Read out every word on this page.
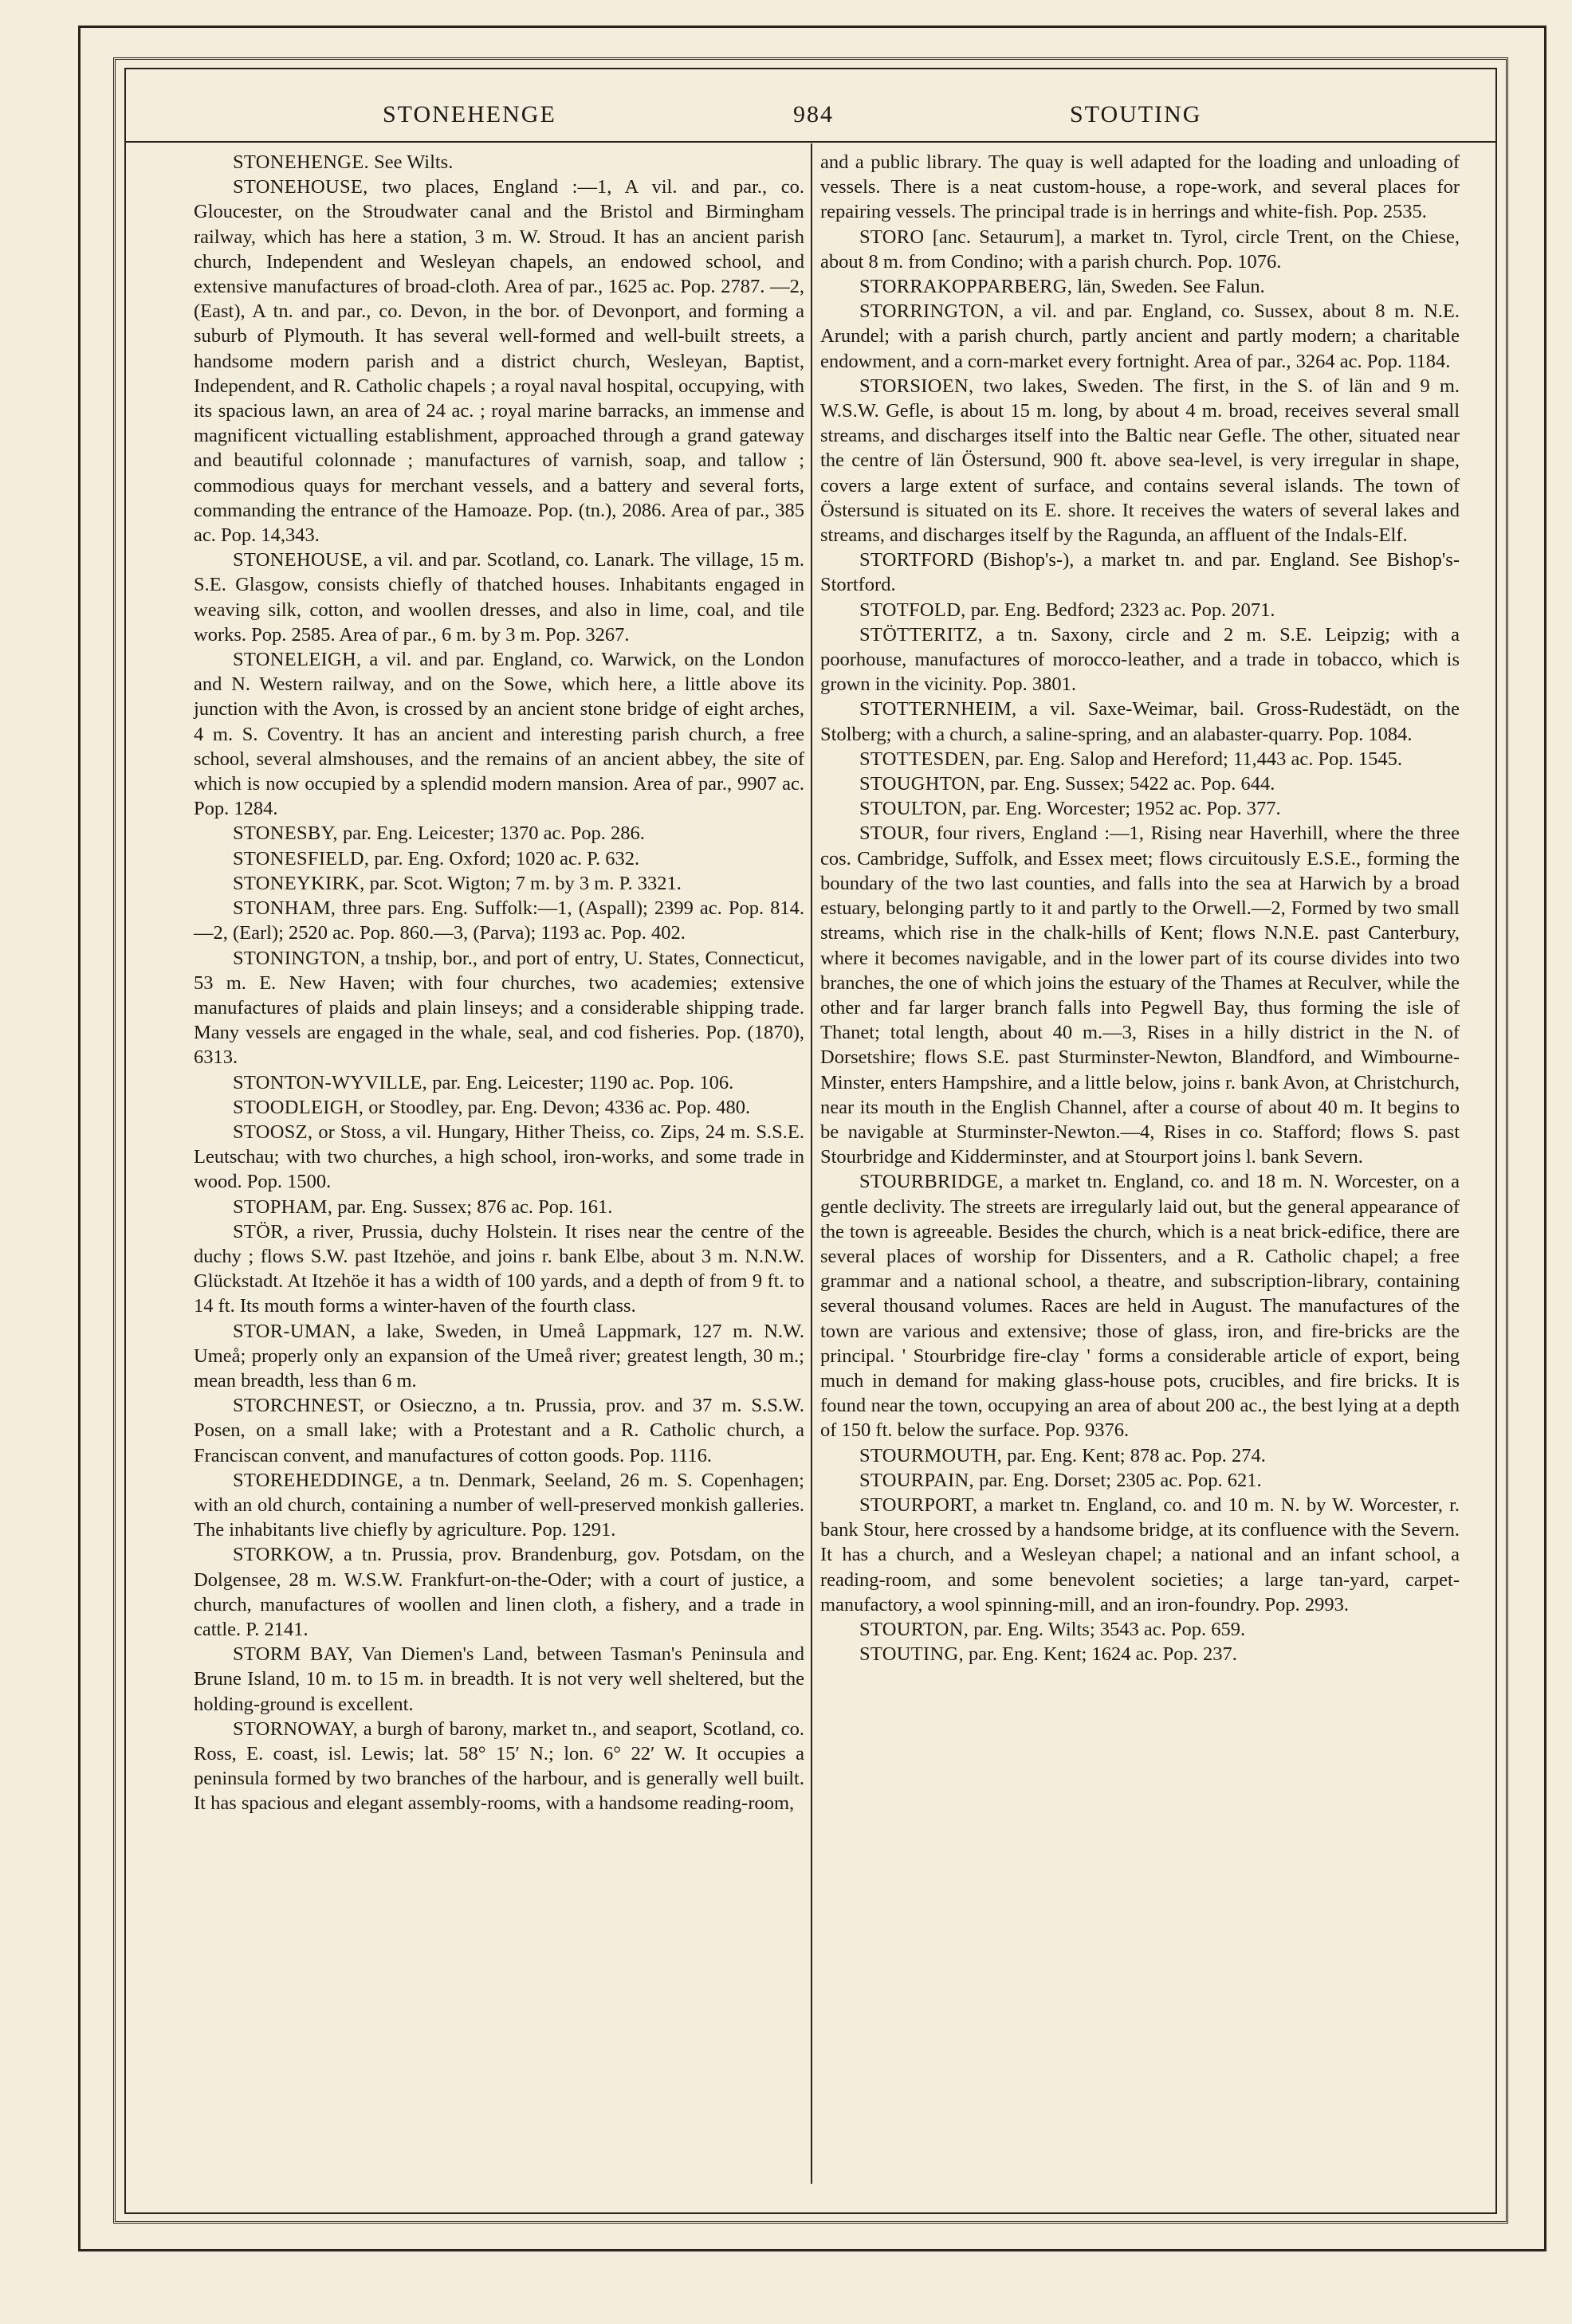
STONEHENGE	984	STOUTING

STONEHENGE. See Wilts.

STONEHOUSE, two places, England :—1, A vil. and par., co. Gloucester, on the Stroudwater canal and the Bristol and Birmingham railway, which has here a station, 3 m. W. Stroud. It has an ancient parish church, Independent and Wesleyan chapels, an endowed school, and extensive manufactures of broad-cloth. Area of par., 1625 ac. Pop. 2787. —2, (East), A tn. and par., co. Devon, in the bor. of Devonport, and forming a suburb of Plymouth. It has several well-formed and well-built streets, a handsome modern parish and a district church, Wesleyan, Baptist, Independent, and R. Catholic chapels ; a royal naval hospital, occupying, with its spacious lawn, an area of 24 ac. ; royal marine barracks, an immense and magnificent victualling establishment, approached through a grand gateway and beautiful colonnade ; manufactures of varnish, soap, and tallow ; commodious quays for merchant vessels, and a battery and several forts, commanding the entrance of the Hamoaze. Pop. (tn.), 2086. Area of par., 385 ac. Pop. 14,343.

STONEHOUSE, a vil. and par. Scotland, co. Lanark. The village, 15 m. S.E. Glasgow, consists chiefly of thatched houses. Inhabitants engaged in weaving silk, cotton, and woollen dresses, and also in lime, coal, and tile works. Pop. 2585. Area of par., 6 m. by 3 m. Pop. 3267.

STONELEIGH, a vil. and par. England, co. Warwick, on the London and N. Western railway, and on the Sowe, which here, a little above its junction with the Avon, is crossed by an ancient stone bridge of eight arches, 4 m. S. Coventry. It has an ancient and interesting parish church, a free school, several almshouses, and the remains of an ancient abbey, the site of which is now occupied by a splendid modern mansion. Area of par., 9907 ac. Pop. 1284.

STONESBY, par. Eng. Leicester; 1370 ac. Pop. 286.

STONESFIELD, par. Eng. Oxford; 1020 ac. P. 632.

STONEYKIRK, par. Scot. Wigton; 7 m. by 3 m. P. 3321.

STONHAM, three pars. Eng. Suffolk:—1, (Aspall); 2399 ac. Pop. 814.—2, (Earl); 2520 ac. Pop. 860.—3, (Parva); 1193 ac. Pop. 402.

STONINGTON, a tnship, bor., and port of entry, U. States, Connecticut, 53 m. E. New Haven; with four churches, two academies; extensive manufactures of plaids and plain linseys; and a considerable shipping trade. Many vessels are engaged in the whale, seal, and cod fisheries. Pop. (1870), 6313.

STONTON-WYVILLE, par. Eng. Leicester; 1190 ac. Pop. 106.

STOODLEIGH, or Stoodley, par. Eng. Devon; 4336 ac. Pop. 480.

STOOSZ, or Stoss, a vil. Hungary, Hither Theiss, co. Zips, 24 m. S.S.E. Leutschau; with two churches, a high school, iron-works, and some trade in wood. Pop. 1500.

STOPHAM, par. Eng. Sussex; 876 ac. Pop. 161.

STÖR, a river, Prussia, duchy Holstein. It rises near the centre of the duchy ; flows S.W. past Itzehöe, and joins r. bank Elbe, about 3 m. N.N.W. Glückstadt. At Itzehöe it has a width of 100 yards, and a depth of from 9 ft. to 14 ft. Its mouth forms a winter-haven of the fourth class.

STOR-UMAN, a lake, Sweden, in Umeå Lappmark, 127 m. N.W. Umeå; properly only an expansion of the Umeå river; greatest length, 30 m.; mean breadth, less than 6 m.

STORCHNEST, or Osieczno, a tn. Prussia, prov. and 37 m. S.S.W. Posen, on a small lake; with a Protestant and a R. Catholic church, a Franciscan convent, and manufactures of cotton goods. Pop. 1116.

STOREHEDDINGE, a tn. Denmark, Seeland, 26 m. S. Copenhagen; with an old church, containing a number of well-preserved monkish galleries. The inhabitants live chiefly by agriculture. Pop. 1291.

STORKOW, a tn. Prussia, prov. Brandenburg, gov. Potsdam, on the Dolgensee, 28 m. W.S.W. Frankfurt-on-the-Oder; with a court of justice, a church, manufactures of woollen and linen cloth, a fishery, and a trade in cattle. P. 2141.

STORM BAY, Van Diemen's Land, between Tasman's Peninsula and Brune Island, 10 m. to 15 m. in breadth. It is not very well sheltered, but the holding-ground is excellent.

STORNOWAY, a burgh of barony, market tn., and seaport, Scotland, co. Ross, E. coast, isl. Lewis; lat. 58° 15′ N.; lon. 6° 22′ W. It occupies a peninsula formed by two branches of the harbour, and is generally well built. It has spacious and elegant assembly-rooms, with a handsome reading-room,

and a public library. The quay is well adapted for the loading and unloading of vessels. There is a neat custom-house, a rope-work, and several places for repairing vessels. The principal trade is in herrings and white-fish. Pop. 2535.

STORO [anc. Setaurum], a market tn. Tyrol, circle Trent, on the Chiese, about 8 m. from Condino; with a parish church. Pop. 1076.

STORRAKOPPARBERG, län, Sweden. See Falun.

STORRINGTON, a vil. and par. England, co. Sussex, about 8 m. N.E. Arundel; with a parish church, partly ancient and partly modern; a charitable endowment, and a corn-market every fortnight. Area of par., 3264 ac. Pop. 1184.

STORSIOEN, two lakes, Sweden. The first, in the S. of län and 9 m. W.S.W. Gefle, is about 15 m. long, by about 4 m. broad, receives several small streams, and discharges itself into the Baltic near Gefle. The other, situated near the centre of län Östersund, 900 ft. above sea-level, is very irregular in shape, covers a large extent of surface, and contains several islands. The town of Östersund is situated on its E. shore. It receives the waters of several lakes and streams, and discharges itself by the Ragunda, an affluent of the Indals-Elf.

STORTFORD (Bishop's-), a market tn. and par. England. See Bishop's-Stortford.

STOTFOLD, par. Eng. Bedford; 2323 ac. Pop. 2071.

STÖTTERITZ, a tn. Saxony, circle and 2 m. S.E. Leipzig; with a poorhouse, manufactures of morocco-leather, and a trade in tobacco, which is grown in the vicinity. Pop. 3801.

STOTTERNHEIM, a vil. Saxe-Weimar, bail. Gross-Rudestädt, on the Stolberg; with a church, a saline-spring, and an alabaster-quarry. Pop. 1084.

STOTTESDEN, par. Eng. Salop and Hereford; 11,443 ac. Pop. 1545.

STOUGHTON, par. Eng. Sussex; 5422 ac. Pop. 644.

STOULTON, par. Eng. Worcester; 1952 ac. Pop. 377.

STOUR, four rivers, England :—1, Rising near Haverhill, where the three cos. Cambridge, Suffolk, and Essex meet; flows circuitously E.S.E., forming the boundary of the two last counties, and falls into the sea at Harwich by a broad estuary, belonging partly to it and partly to the Orwell.—2, Formed by two small streams, which rise in the chalk-hills of Kent; flows N.N.E. past Canterbury, where it becomes navigable, and in the lower part of its course divides into two branches, the one of which joins the estuary of the Thames at Reculver, while the other and far larger branch falls into Pegwell Bay, thus forming the isle of Thanet; total length, about 40 m.—3, Rises in a hilly district in the N. of Dorsetshire; flows S.E. past Sturminster-Newton, Blandford, and Wimbourne-Minster, enters Hampshire, and a little below, joins r. bank Avon, at Christchurch, near its mouth in the English Channel, after a course of about 40 m. It begins to be navigable at Sturminster-Newton.—4, Rises in co. Stafford; flows S. past Stourbridge and Kidderminster, and at Stourport joins l. bank Severn.

STOURBRIDGE, a market tn. England, co. and 18 m. N. Worcester, on a gentle declivity. The streets are irregularly laid out, but the general appearance of the town is agreeable. Besides the church, which is a neat brick-edifice, there are several places of worship for Dissenters, and a R. Catholic chapel; a free grammar and a national school, a theatre, and subscription-library, containing several thousand volumes. Races are held in August. The manufactures of the town are various and extensive; those of glass, iron, and fire-bricks are the principal. ' Stourbridge fire-clay ' forms a considerable article of export, being much in demand for making glass-house pots, crucibles, and fire bricks. It is found near the town, occupying an area of about 200 ac., the best lying at a depth of 150 ft. below the surface. Pop. 9376.

STOURMOUTH, par. Eng. Kent; 878 ac. Pop. 274.

STOURPAIN, par. Eng. Dorset; 2305 ac. Pop. 621.

STOURPORT, a market tn. England, co. and 10 m. N. by W. Worcester, r. bank Stour, here crossed by a handsome bridge, at its confluence with the Severn. It has a church, and a Wesleyan chapel; a national and an infant school, a reading-room, and some benevolent societies; a large tan-yard, carpet-manufactory, a wool spinning-mill, and an iron-foundry. Pop. 2993.

STOURTON, par. Eng. Wilts; 3543 ac. Pop. 659.

STOUTING, par. Eng. Kent; 1624 ac. Pop. 237.
